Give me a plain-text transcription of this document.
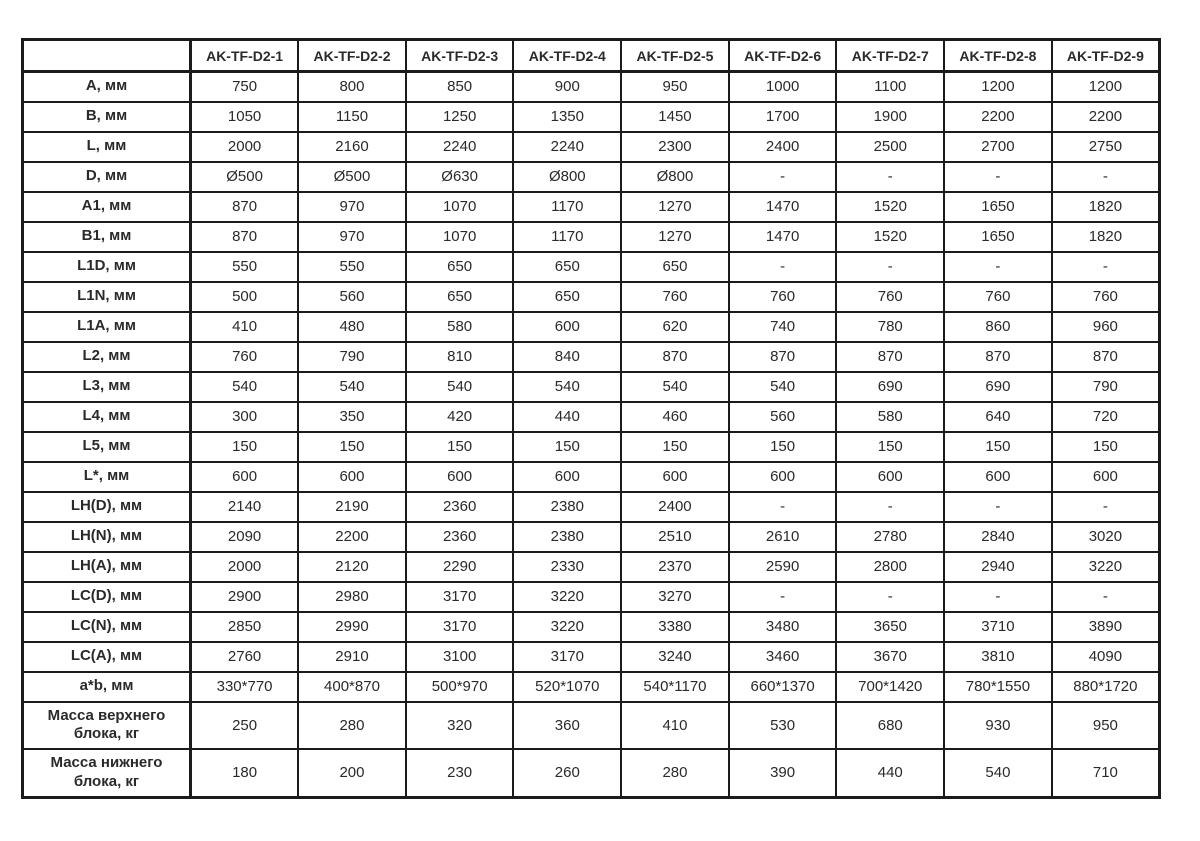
	AK-TF-D2-1	AK-TF-D2-2	AK-TF-D2-3	AK-TF-D2-4	AK-TF-D2-5	AK-TF-D2-6	AK-TF-D2-7	AK-TF-D2-8	AK-TF-D2-9
А, мм	750	800	850	900	950	1000	1100	1200	1200
В, мм	1050	1150	1250	1350	1450	1700	1900	2200	2200
L, мм	2000	2160	2240	2240	2300	2400	2500	2700	2750
D, мм	Ø500	Ø500	Ø630	Ø800	Ø800	-	-	-	-
A1, мм	870	970	1070	1170	1270	1470	1520	1650	1820
B1, мм	870	970	1070	1170	1270	1470	1520	1650	1820
L1D, мм	550	550	650	650	650	-	-	-	-
L1N, мм	500	560	650	650	760	760	760	760	760
L1A, мм	410	480	580	600	620	740	780	860	960
L2, мм	760	790	810	840	870	870	870	870	870
L3, мм	540	540	540	540	540	540	690	690	790
L4, мм	300	350	420	440	460	560	580	640	720
L5, мм	150	150	150	150	150	150	150	150	150
L*, мм	600	600	600	600	600	600	600	600	600
LH(D), мм	2140	2190	2360	2380	2400	-	-	-	-
LH(N), мм	2090	2200	2360	2380	2510	2610	2780	2840	3020
LH(A), мм	2000	2120	2290	2330	2370	2590	2800	2940	3220
LC(D), мм	2900	2980	3170	3220	3270	-	-	-	-
LC(N), мм	2850	2990	3170	3220	3380	3480	3650	3710	3890
LC(A), мм	2760	2910	3100	3170	3240	3460	3670	3810	4090
a*b, мм	330*770	400*870	500*970	520*1070	540*1170	660*1370	700*1420	780*1550	880*1720
Масса верхнего блока, кг	250	280	320	360	410	530	680	930	950
Масса нижнего блока, кг	180	200	230	260	280	390	440	540	710
